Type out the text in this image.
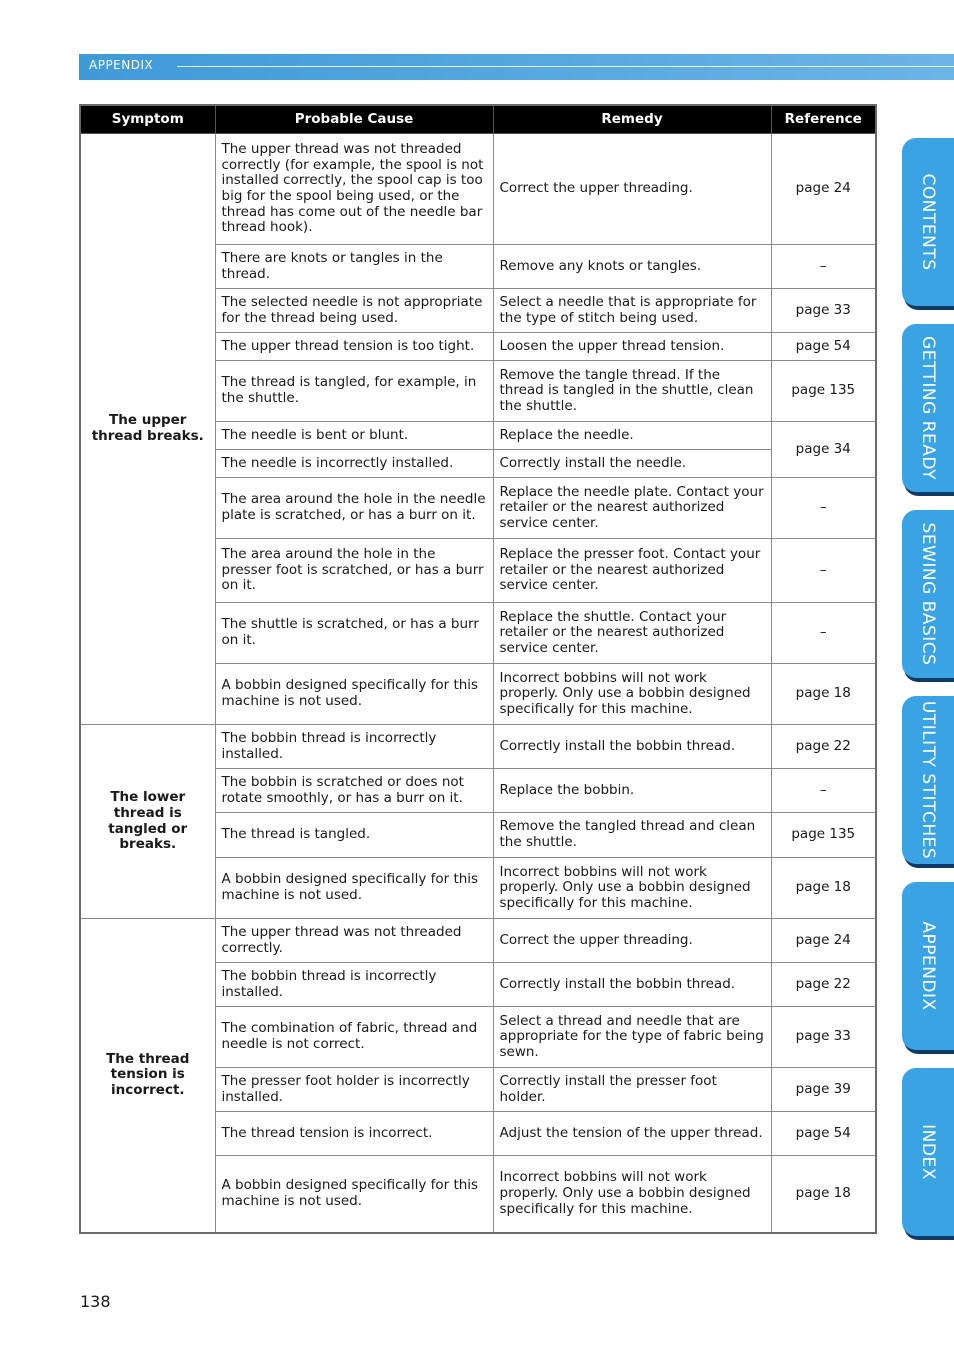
APPENDIX
Symptom	Probable Cause	Remedy	Reference
The upper thread breaks.	The upper thread was not threaded correctly (for example, the spool is not installed correctly, the spool cap is too big for the spool being used, or the thread has come out of the needle bar thread hook).	Correct the upper threading.	page 24
	There are knots or tangles in the thread.	Remove any knots or tangles.	–
	The selected needle is not appropriate for the thread being used.	Select a needle that is appropriate for the type of stitch being used.	page 33
	The upper thread tension is too tight.	Loosen the upper thread tension.	page 54
	The thread is tangled, for example, in the shuttle.	Remove the tangle thread. If the thread is tangled in the shuttle, clean the shuttle.	page 135
	The needle is bent or blunt.	Replace the needle.	page 34
	The needle is incorrectly installed.	Correctly install the needle.	
	The area around the hole in the needle plate is scratched, or has a burr on it.	Replace the needle plate. Contact your retailer or the nearest authorized service center.	–
	The area around the hole in the presser foot is scratched, or has a burr on it.	Replace the presser foot. Contact your retailer or the nearest authorized service center.	–
	The shuttle is scratched, or has a burr on it.	Replace the shuttle. Contact your retailer or the nearest authorized service center.	–
	A bobbin designed specifically for this machine is not used.	Incorrect bobbins will not work properly. Only use a bobbin designed specifically for this machine.	page 18
The lower thread is tangled or breaks.	The bobbin thread is incorrectly installed.	Correctly install the bobbin thread.	page 22
	The bobbin is scratched or does not rotate smoothly, or has a burr on it.	Replace the bobbin.	–
	The thread is tangled.	Remove the tangled thread and clean the shuttle.	page 135
	A bobbin designed specifically for this machine is not used.	Incorrect bobbins will not work properly. Only use a bobbin designed specifically for this machine.	page 18
The thread tension is incorrect.	The upper thread was not threaded correctly.	Correct the upper threading.	page 24
	The bobbin thread is incorrectly installed.	Correctly install the bobbin thread.	page 22
	The combination of fabric, thread and needle is not correct.	Select a thread and needle that are appropriate for the type of fabric being sewn.	page 33
	The presser foot holder is incorrectly installed.	Correctly install the presser foot holder.	page 39
	The thread tension is incorrect.	Adjust the tension of the upper thread.	page 54
	A bobbin designed specifically for this machine is not used.	Incorrect bobbins will not work properly. Only use a bobbin designed specifically for this machine.	page 18
CONTENTS
GETTING READY
SEWING BASICS
UTILITY STITCHES
APPENDIX
INDEX
138
